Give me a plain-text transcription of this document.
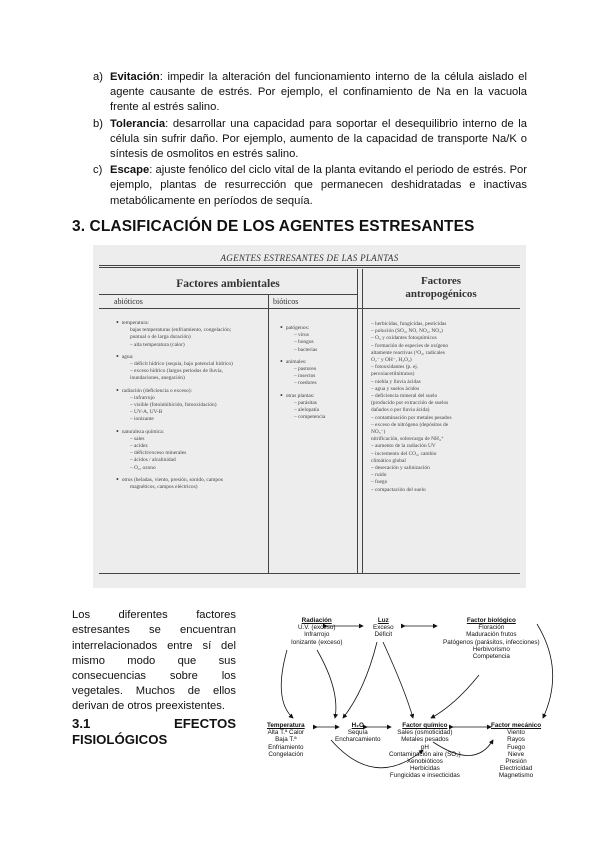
a) Evitación: impedir la alteración del funcionamiento interno de la célula aislado el agente causante de estrés. Por ejemplo, el confinamiento de Na en la vacuola frente al estrés salino.
b) Tolerancia: desarrollar una capacidad para soportar el desequilibrio interno de la célula sin sufrir daño. Por ejemplo, aumento de la capacidad de transporte Na/K o síntesis de osmolitos en estrés salino.
c) Escape: ajuste fenólico del ciclo vital de la planta evitando el periodo de estrés. Por ejemplo, plantas de resurrección que permanecen deshidratadas e inactivas metabólicamente en períodos de sequía.
3. CLASIFICACIÓN DE LOS AGENTES ESTRESANTES
AGENTES ESTRESANTES DE LAS PLANTAS
Factores ambientales
abióticos	bióticos
Factores
antropogénicos
• temperatura:
bajas temperaturas (enfriamiento, congelación;
puntual o de larga duración)
– alta temperatura (calor)
• agua:
– déficit hídrico (sequía, bajo potencial hídrico)
– exceso hídrico (largos periodos de lluvia,
inundaciones, anegación)
• radiación (deficiencia o exceso):
– infrarrojo
– visible (fotoinhibición, fotooxidación)
– UV-A, UV-B
– ionizante
• naturaleza química:
– sales
– acidez
– déficit/exceso minerales
– ácidos / alcalinidad
– O₂, ozono
• otros (heladas, viento, presión, sonido, campos
magnéticos, campos eléctricos)
• patógenos:
– virus
– hongos
– bacterias
• animales:
– pastoreo
– insectos
– roedores
• otras plantas:
– parásitas
– alelopatía
– competencia
– herbicidas, fungicidas, pesticidas
– polución (SO₂, NO, NO₂, NO₃)
– O₃ y oxidantes fotoquímicos
– formación de especies de oxígeno
altamente reactivas (¹O₂, radicales
O₂⁻ y OH⁻, H₂O₂)
– fotooxidantes (p. ej.
peroxiacetilnitratos)
– niebla y lluvia ácidas
– agua y suelos ácidos
– deficiencia mineral del suelo
(producido por extracción de suelos
dañados o por lluvia ácida)
– contaminación por metales pesados
– exceso de nitrógeno (depósitos de
NO₃⁻)
nitrificación, sobrecarga de NH₄⁺
– aumento de la radiación UV
– incremento del CO₂, cambio
climático global
– desecación y salinización
– ruido
– fuego
– compactación del suelo

Los diferentes factores estresantes se encuentran interrelacionados entre sí del mismo modo que sus consecuencias sobre los vegetales. Muchos de ellos derivan de otros preexistentes.

3.1	EFECTOS
FISIOLÓGICOS
Radiación
U.V. (exceso)
Infrarrojo
Ionizante (exceso)
Luz
Exceso
Déficit
Factor biológico
Floración
Maduración frutos
Patógenos (parásitos, infecciones)
Herbivorismo
Competencia
Temperatura
Alta T.ª Calor
Baja T.ª
Enfriamiento
Congelación
H₂O
Sequía
Encharcamiento
Factor químico
Sales (osmoticidad)
Metales pesados
pH
Contaminación aire (SO₂)
Xenobióticos
Herbicidas
Fungicidas e insecticidas
Factor mecánico
Viento
Rayos
Fuego
Nieve
Presión
Electricidad
Magnetismo
